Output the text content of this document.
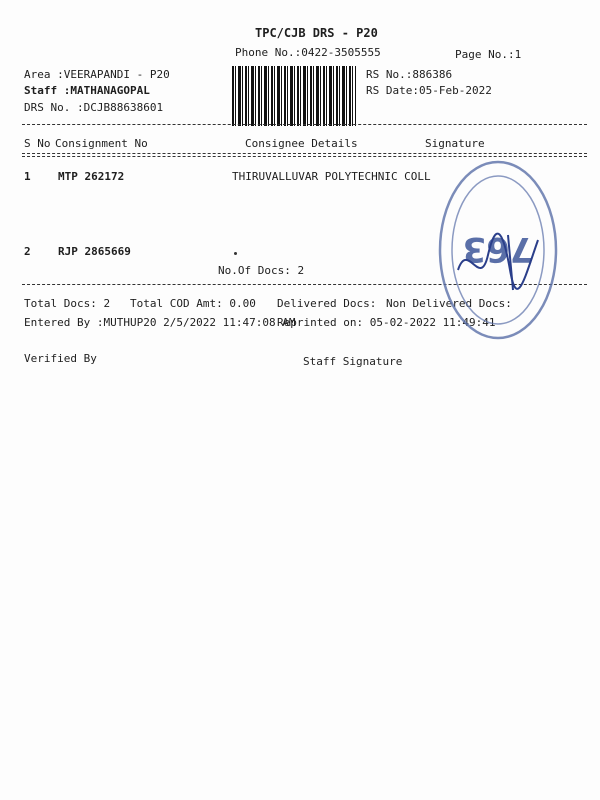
TPC/CJB DRS - P20
Phone No.:0422-3505555	Page No.:1
Area :VEERAPANDI - P20
Staff :MATHANAGOPAL
DRS No. :DCJB88638601
RS No.:886386
RS Date:05-Feb-2022
S No Consignment No	Consignee Details	Signature
1 MTP 262172	THIRUVALLUVAR POLYTECHNIC COLL
2 RJP 2865669
No.Of Docs: 2
Total Docs: 2 Total COD Amt: 0.00 Delivered Docs: Non Delivered Docs:
Entered By :MUTHUP20 2/5/2022 11:47:08 AM
Reprinted on: 05-02-2022 11:49:41
Verified By	Staff Signature
763
